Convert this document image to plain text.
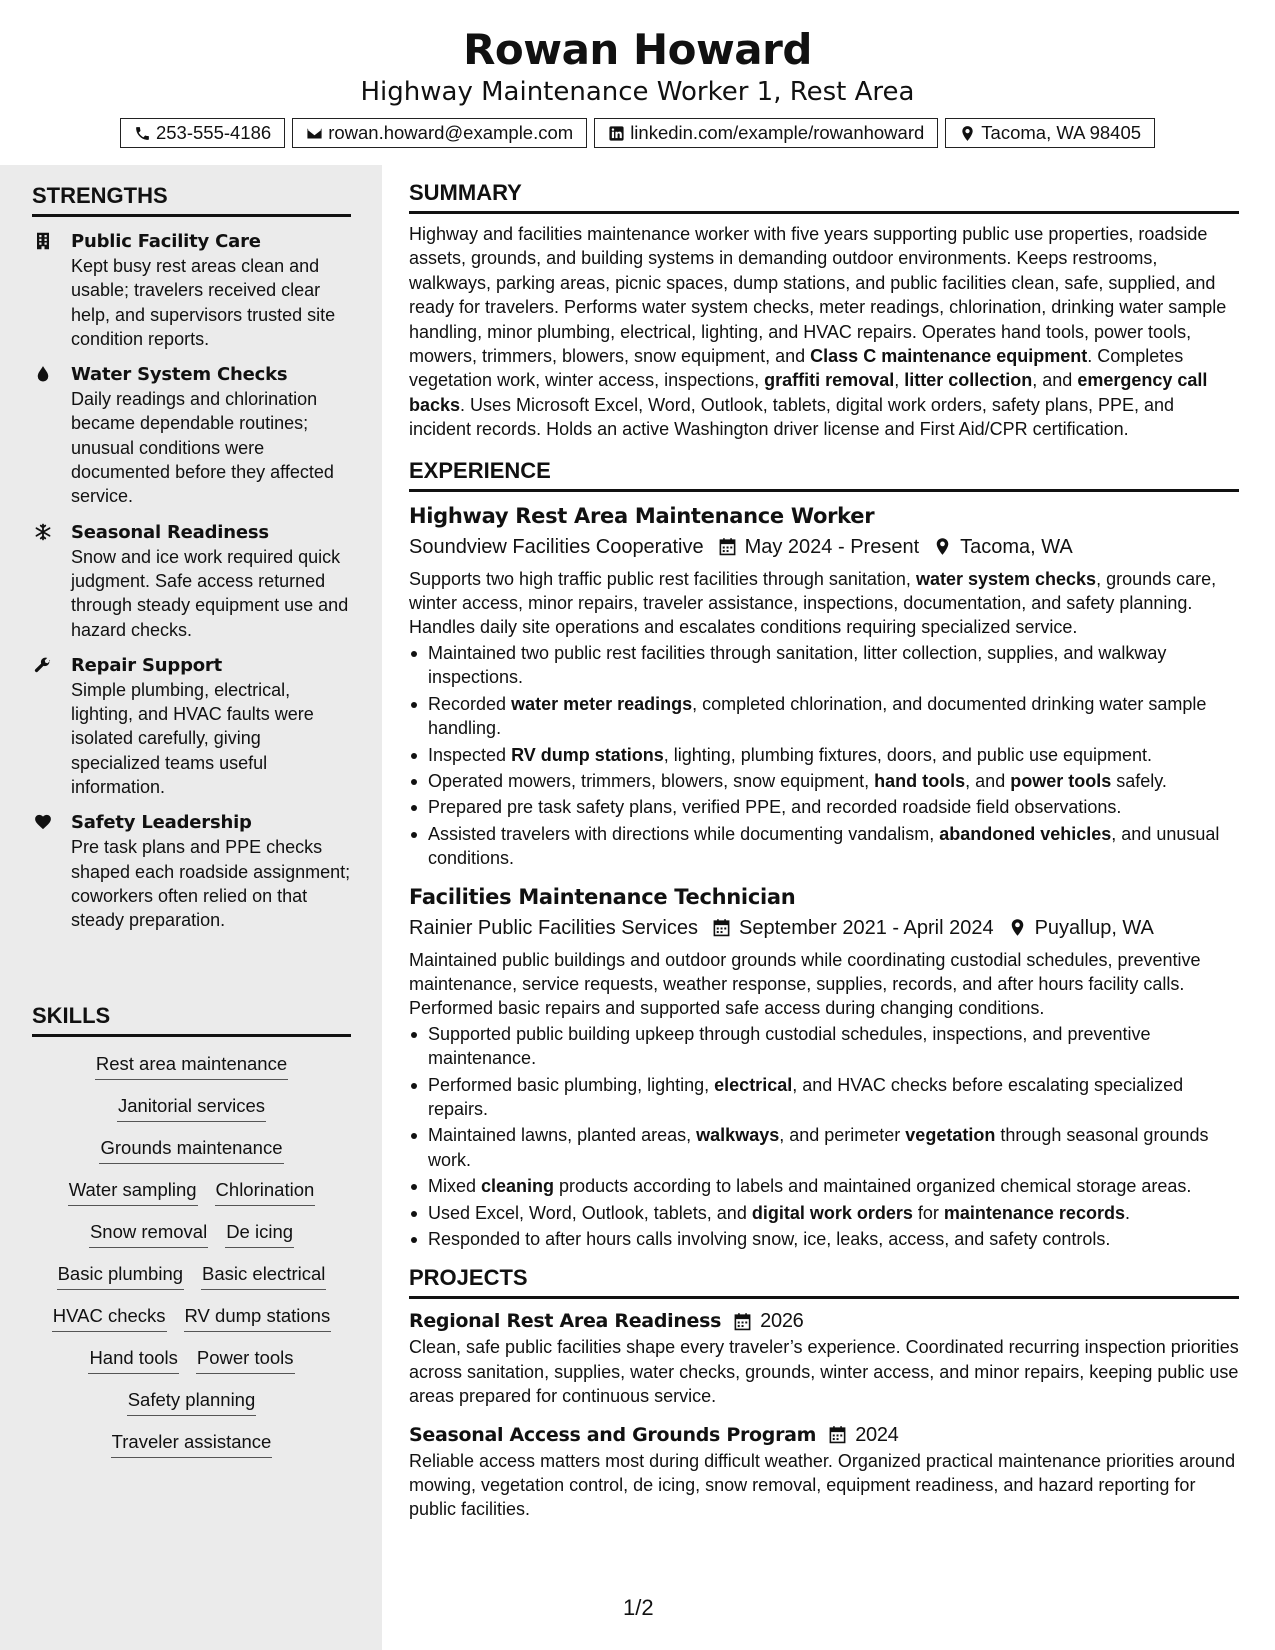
Rowan Howard
Highway Maintenance Worker 1, Rest Area
253-555-4186	rowan.howard@example.com	linkedin.com/example/rowanhoward	Tacoma, WA 98405
STRENGTHS
Public Facility Care
Kept busy rest areas clean and usable; travelers received clear help, and supervisors trusted site condition reports.
Water System Checks
Daily readings and chlorination became dependable routines; unusual conditions were documented before they affected service.
Seasonal Readiness
Snow and ice work required quick judgment. Safe access returned through steady equipment use and hazard checks.
Repair Support
Simple plumbing, electrical, lighting, and HVAC faults were isolated carefully, giving specialized teams useful information.
Safety Leadership
Pre task plans and PPE checks shaped each roadside assignment; coworkers often relied on that steady preparation.
SKILLS
Rest area maintenance
Janitorial services
Grounds maintenance
Water sampling Chlorination
Snow removal De icing
Basic plumbing Basic electrical
HVAC checks RV dump stations
Hand tools Power tools
Safety planning
Traveler assistance
SUMMARY
Highway and facilities maintenance worker with five years supporting public use properties, roadside assets, grounds, and building systems in demanding outdoor environments. Keeps restrooms, walkways, parking areas, picnic spaces, dump stations, and public facilities clean, safe, supplied, and ready for travelers. Performs water system checks, meter readings, chlorination, drinking water sample handling, minor plumbing, electrical, lighting, and HVAC repairs. Operates hand tools, power tools, mowers, trimmers, blowers, snow equipment, and Class C maintenance equipment. Completes vegetation work, winter access, inspections, graffiti removal, litter collection, and emergency call backs. Uses Microsoft Excel, Word, Outlook, tablets, digital work orders, safety plans, PPE, and incident records. Holds an active Washington driver license and First Aid/CPR certification.
EXPERIENCE
Highway Rest Area Maintenance Worker
Soundview Facilities Cooperative May 2024 - Present Tacoma, WA
Supports two high traffic public rest facilities through sanitation, water system checks, grounds care, winter access, minor repairs, traveler assistance, inspections, documentation, and safety planning. Handles daily site operations and escalates conditions requiring specialized service.
Maintained two public rest facilities through sanitation, litter collection, supplies, and walkway inspections.
Recorded water meter readings, completed chlorination, and documented drinking water sample handling.
Inspected RV dump stations, lighting, plumbing fixtures, doors, and public use equipment.
Operated mowers, trimmers, blowers, snow equipment, hand tools, and power tools safely.
Prepared pre task safety plans, verified PPE, and recorded roadside field observations.
Assisted travelers with directions while documenting vandalism, abandoned vehicles, and unusual conditions.
Facilities Maintenance Technician
Rainier Public Facilities Services September 2021 - April 2024 Puyallup, WA
Maintained public buildings and outdoor grounds while coordinating custodial schedules, preventive maintenance, service requests, weather response, supplies, records, and after hours facility calls. Performed basic repairs and supported safe access during changing conditions.
Supported public building upkeep through custodial schedules, inspections, and preventive maintenance.
Performed basic plumbing, lighting, electrical, and HVAC checks before escalating specialized repairs.
Maintained lawns, planted areas, walkways, and perimeter vegetation through seasonal grounds work.
Mixed cleaning products according to labels and maintained organized chemical storage areas.
Used Excel, Word, Outlook, tablets, and digital work orders for maintenance records.
Responded to after hours calls involving snow, ice, leaks, access, and safety controls.
PROJECTS
Regional Rest Area Readiness 2026
Clean, safe public facilities shape every traveler’s experience. Coordinated recurring inspection priorities across sanitation, supplies, water checks, grounds, winter access, and minor repairs, keeping public use areas prepared for continuous service.
Seasonal Access and Grounds Program 2024
Reliable access matters most during difficult weather. Organized practical maintenance priorities around mowing, vegetation control, de icing, snow removal, equipment readiness, and hazard reporting for public facilities.
1/2
